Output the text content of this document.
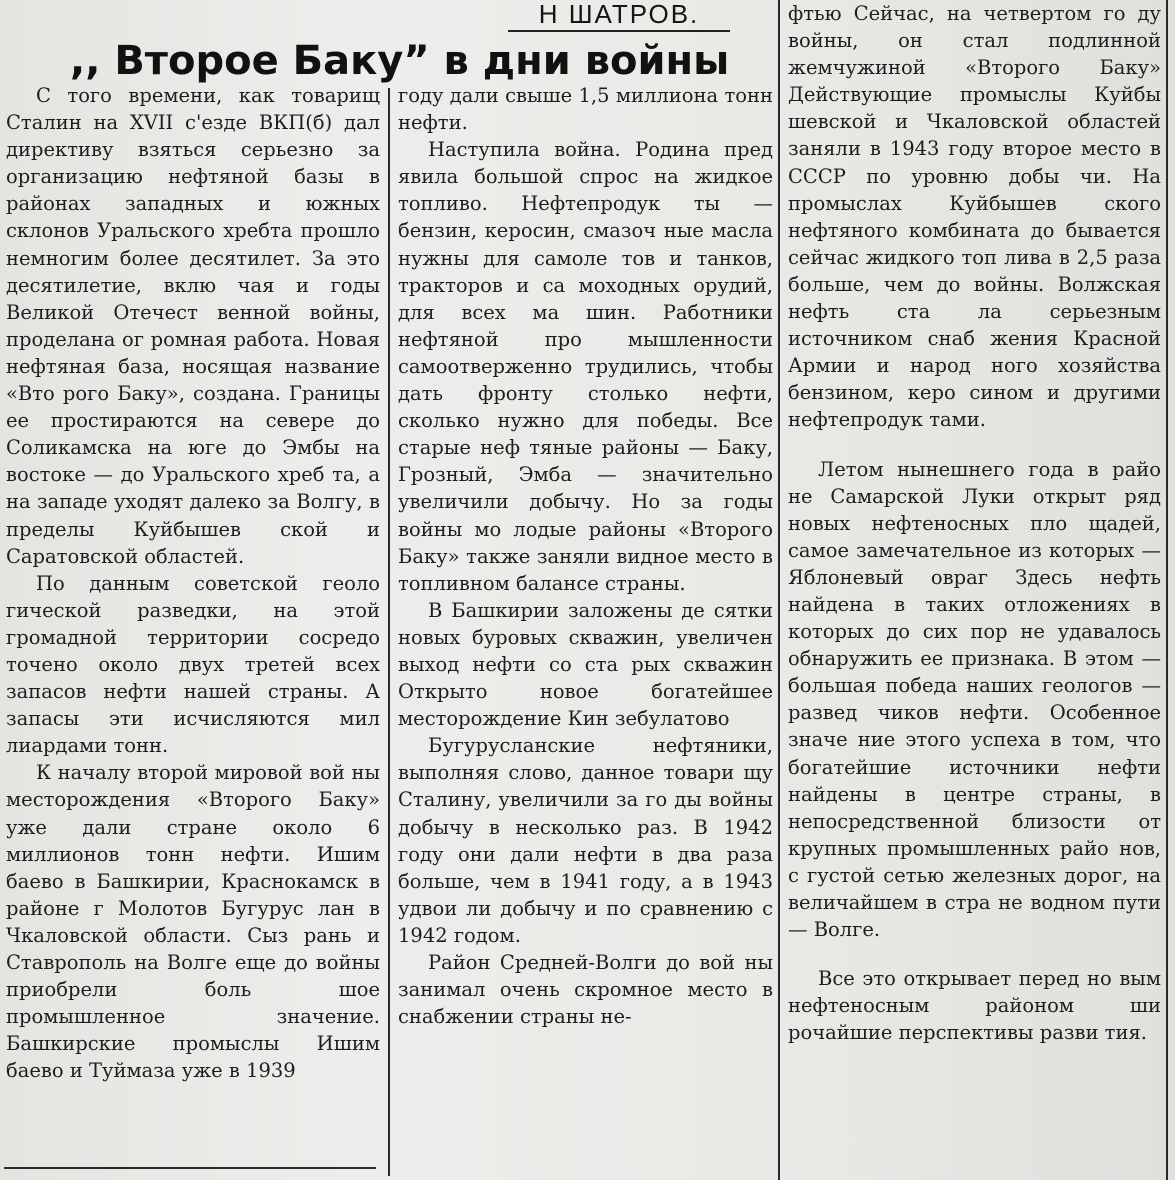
Н ШАТРОВ.
,, Второе Баку” в дни войны

С того времени, как товарищ Сталин на XVII с'езде ВКП(б) дал директиву взяться серьезно за организацию нефтяной базы в районах западных и южных склонов Уральского хребта прошло немногим более десятилет. За это десятилетие, вклю чая и годы Великой Отечест венной войны, проделана ог ромная работа. Новая нефтяная база, носящая название «Вто рого Баку», создана. Границы ее простираются на севере до Соликамска на юге до Эмбы на востоке — до Уральского хреб та, а на западе уходят далеко за Волгу, в пределы Куйбышев ской и Саратовской областей.

По данным советской геоло гической разведки, на этой громадной территории сосредо точено около двух третей всех запасов нефти нашей страны. А запасы эти исчисляются мил лиардами тонн.

К началу второй мировой вой ны месторождения «Второго Баку» уже дали стране около 6 миллионов тонн нефти. Ишим баево в Башкирии, Краснокамск в районе г Молотов Бугурус лан в Чкаловской области. Сыз рань и Ставрополь на Волге еще до войны приобрели боль шое промышленное значение. Башкирские промыслы Ишим баево и Туймаза уже в 1939

году дали свыше 1,5 миллиона тонн нефти.

Наступила война. Родина пред явила большой спрос на жидкое топливо. Нефтепродук ты — бензин, керосин, смазоч ные масла нужны для самоле тов и танков, тракторов и са моходных орудий, для всех ма шин. Работники нефтяной про мышленности самоотверженно трудились, чтобы дать фронту столько нефти, сколько нужно для победы. Все старые неф тяные районы — Баку, Грозный, Эмба — значительно увеличили добычу. Но за годы войны мо лодые районы «Второго Баку» также заняли видное место в топливном балансе страны.

В Башкирии заложены де сятки новых буровых скважин, увеличен выход нефти со ста рых скважин Открыто новое богатейшее месторождение Кин зебулатово

Бугурусланские нефтяники, выполняя слово, данное товари щу Сталину, увеличили за го ды войны добычу в несколько раз. В 1942 году они дали нефти в два раза больше, чем в 1941 году, а в 1943 удвои ли добычу и по сравнению с 1942 годом.

Район Средней-Волги до вой ны занимал очень скромное место в снабжении страны не-

фтью Сейчас, на четвертом го ду войны, он стал подлинной жемчужиной «Второго Баку» Действующие промыслы Куйбы шевской и Чкаловской областей заняли в 1943 году второе место в СССР по уровню добы чи. На промыслах Куйбышев ского нефтяного комбината до бывается сейчас жидкого топ лива в 2,5 раза больше, чем до войны. Волжская нефть ста ла серьезным источником снаб жения Красной Армии и народ ного хозяйства бензином, керо сином и другими нефтепродук тами.

Летом нынешнего года в райо не Самарской Луки открыт ряд новых нефтеносных пло щадей, самое замечательное из которых — Яблоневый овраг Здесь нефть найдена в таких отложениях в которых до сих пор не удавалось обнаружить ее признака. В этом — большая победа наших геологов — развед чиков нефти. Особенное значе ние этого успеха в том, что богатейшие источники нефти найдены в центре страны, в непосредственной близости от крупных промышленных райо нов, с густой сетью железных дорог, на величайшем в стра не водном пути — Волге.

Все это открывает перед но вым нефтеносным районом ши рочайшие перспективы разви тия.
